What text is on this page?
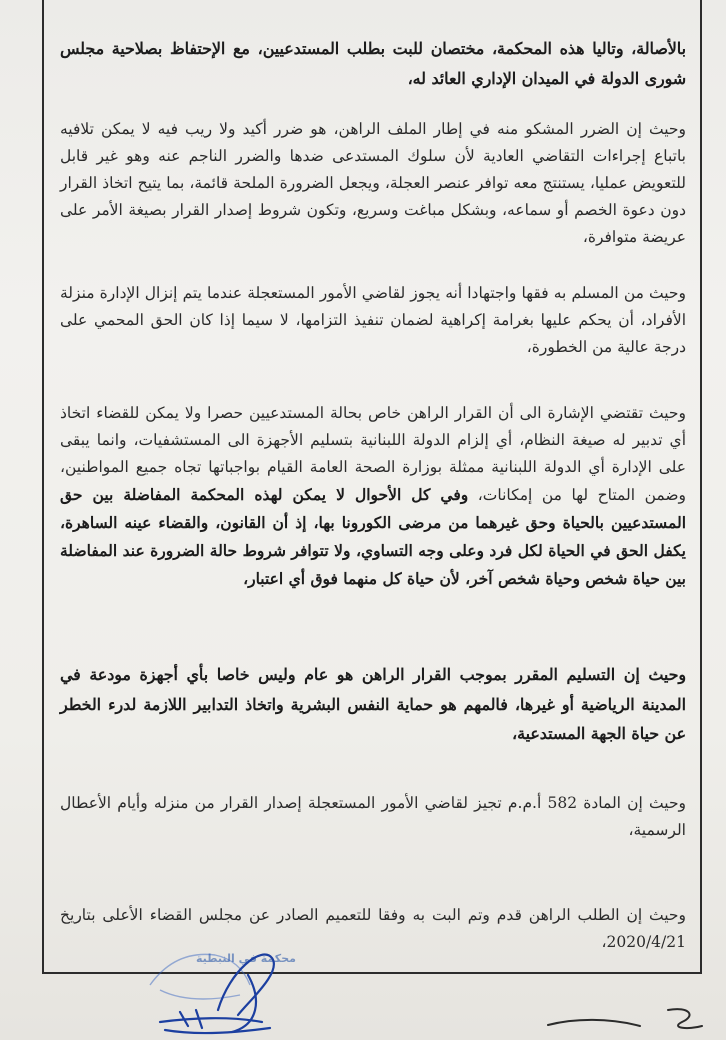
بالأصالة، وتاليا هذه المحكمة، مختصان للبت بطلب المستدعيين، مع الإحتفاظ بصلاحية مجلس شورى الدولة في الميدان الإداري العائد له،

وحيث إن الضرر المشكو منه في إطار الملف الراهن، هو ضرر أكيد ولا ريب فيه لا يمكن تلافيه باتباع إجراءات التقاضي العادية لأن سلوك المستدعى ضدها والضرر الناجم عنه وهو غير قابل للتعويض عمليا، يستنتج معه توافر عنصر العجلة، ويجعل الضرورة الملحة قائمة، بما يتيح اتخاذ القرار دون دعوة الخصم أو سماعه، وبشكل مباغت وسريع، وتكون شروط إصدار القرار بصيغة الأمر على عريضة متوافرة،

وحيث من المسلم به فقها واجتهادا أنه يجوز لقاضي الأمور المستعجلة عندما يتم إنزال الإدارة منزلة الأفراد، أن يحكم عليها بغرامة إكراهية لضمان تنفيذ التزامها، لا سيما إذا كان الحق المحمي على درجة عالية من الخطورة،

وحيث تقتضي الإشارة الى أن القرار الراهن خاص بحالة المستدعيين حصرا ولا يمكن للقضاء اتخاذ أي تدبير له صيغة النظام، أي إلزام الدولة اللبنانية بتسليم الأجهزة الى المستشفيات، وانما يبقى على الإدارة أي الدولة اللبنانية ممثلة بوزارة الصحة العامة القيام بواجباتها تجاه جميع المواطنين، وضمن المتاح لها من إمكانات، وفي كل الأحوال لا يمكن لهذه المحكمة المفاضلة بين حق المستدعيين بالحياة وحق غيرهما من مرضى الكورونا بها، إذ أن القانون، والقضاء عينه الساهرة، يكفل الحق في الحياة لكل فرد وعلى وجه التساوي، ولا تتوافر شروط حالة الضرورة عند المفاضلة بين حياة شخص وحياة شخص آخر، لأن حياة كل منهما فوق أي اعتبار،

وحيث إن التسليم المقرر بموجب القرار الراهن هو عام وليس خاصا بأي أجهزة مودعة في المدينة الرياضية أو غيرها، فالمهم هو حماية النفس البشرية واتخاذ التدابير اللازمة لدرء الخطر عن حياة الجهة المستدعية،

وحيث إن المادة 582 أ.م.م تجيز لقاضي الأمور المستعجلة إصدار القرار من منزله وأيام الأعطال الرسمية،

وحيث إن الطلب الراهن قدم وتم البت به وفقا للتعميم الصادر عن مجلس القضاء الأعلى بتاريخ 2020/4/21،

محكمة في النبطية
